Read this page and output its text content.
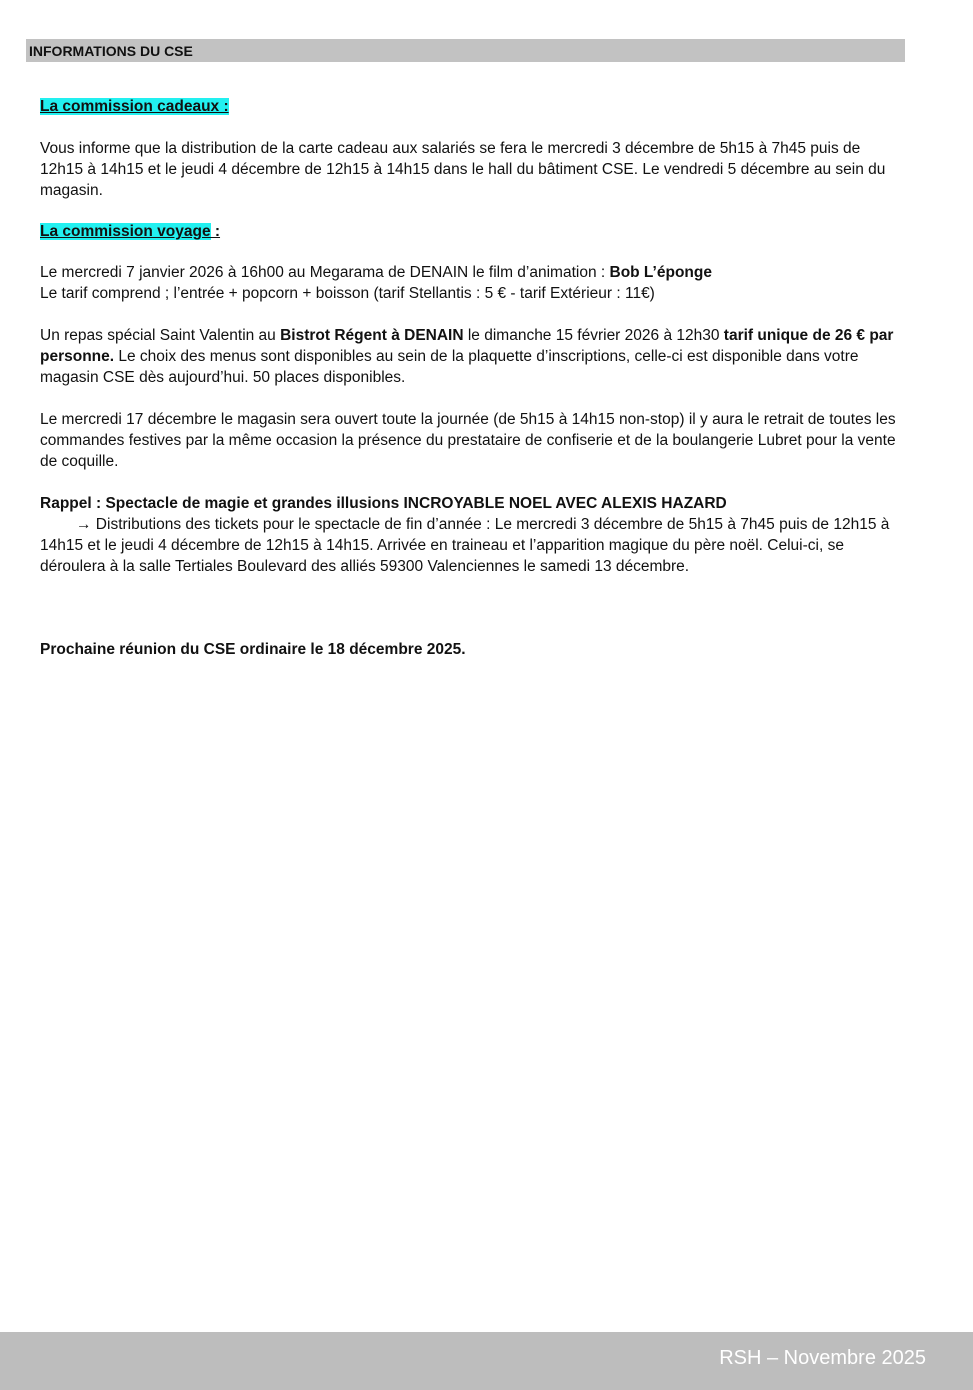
INFORMATIONS DU CSE

La commission cadeaux :

Vous informe que la distribution de la carte cadeau aux salariés se fera le mercredi 3 décembre de 5h15 à 7h45 puis de 12h15 à 14h15 et le jeudi 4 décembre de 12h15 à 14h15 dans le hall du bâtiment CSE. Le vendredi 5 décembre au sein du magasin.

La commission voyage :

Le mercredi 7 janvier 2026 à 16h00 au Megarama de DENAIN le film d’animation : Bob L’éponge

Le tarif comprend ; l’entrée + popcorn + boisson (tarif Stellantis : 5 € - tarif Extérieur : 11€)

Un repas spécial Saint Valentin au Bistrot Régent à DENAIN le dimanche 15 février 2026 à 12h30 tarif unique de 26 € par personne. Le choix des menus sont disponibles au sein de la plaquette d’inscriptions, celle-ci est disponible dans votre magasin CSE dès aujourd’hui. 50 places disponibles.

Le mercredi 17 décembre le magasin sera ouvert toute la journée (de 5h15 à 14h15 non-stop) il y aura le retrait de toutes les commandes festives par la même occasion la présence du prestataire de confiserie et de la boulangerie Lubret pour la vente de coquille.

Rappel : Spectacle de magie et grandes illusions INCROYABLE NOEL AVEC ALEXIS HAZARD

→ Distributions des tickets pour le spectacle de fin d’année : Le mercredi 3 décembre de 5h15 à 7h45 puis de 12h15 à 14h15 et le jeudi 4 décembre de 12h15 à 14h15. Arrivée en traineau et l’apparition magique du père noël. Celui-ci, se déroulera à la salle Tertiales Boulevard des alliés 59300 Valenciennes le samedi 13 décembre.

Prochaine réunion du CSE ordinaire le 18 décembre 2025.

RSH – Novembre 2025
